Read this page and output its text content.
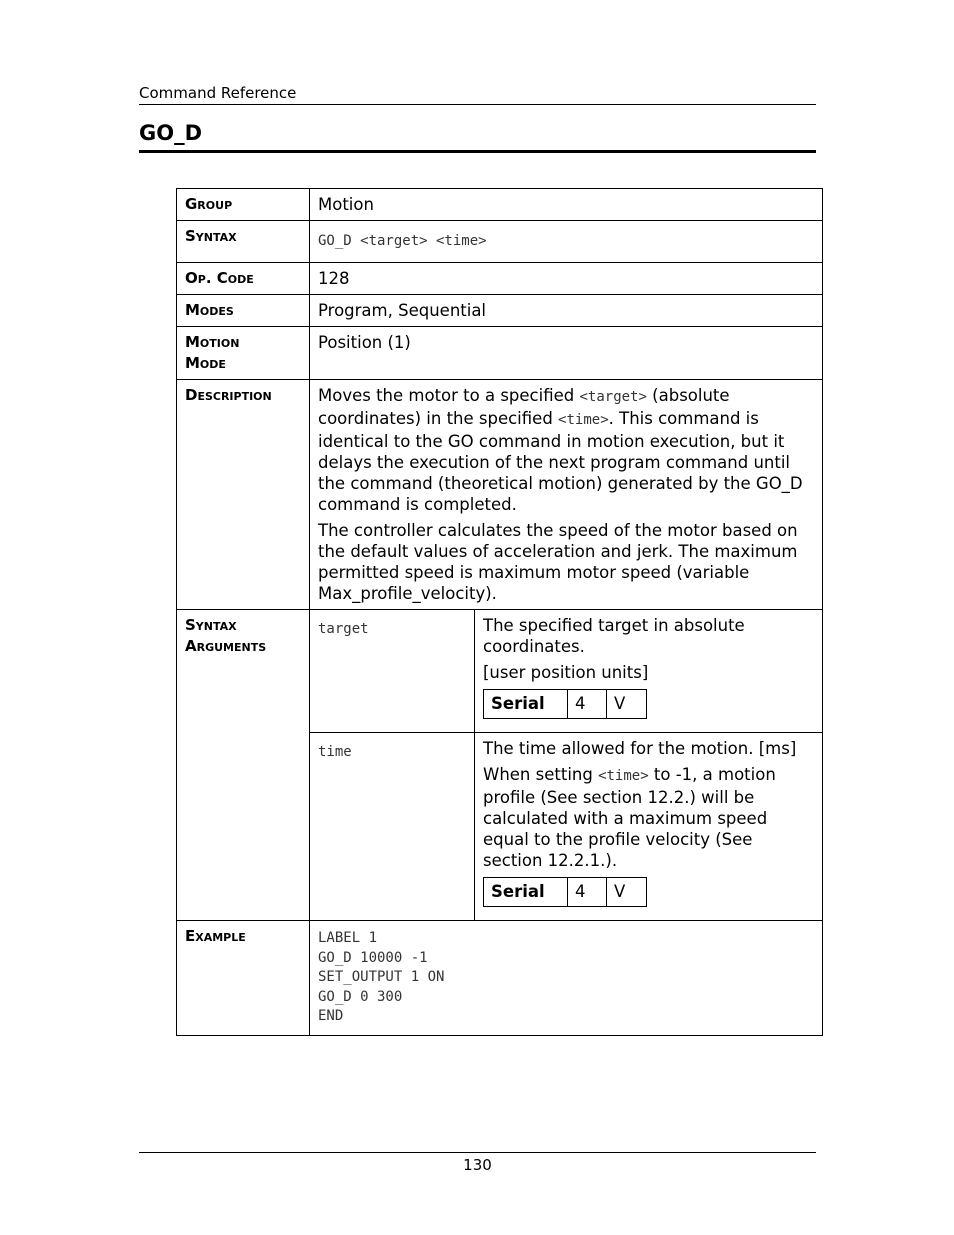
Command Reference
GO_D
Group	Motion
Syntax	GO_D <target> <time>
Op. Code	128
Modes	Program, Sequential

Motion
Mode
	Position (1)
Description	Moves the motor to a specified <target> (absolute coordinates) in the specified <time>. This command is identical to the GO command in motion execution, but it delays the execution of the next program command until the command (theoretical motion) generated by the GO_D command is completed.

The controller calculates the speed of the motor based on the default values of acceleration and jerk. The maximum permitted speed is maximum motor speed (variable Max_profile_velocity).

Syntax
Arguments

target	The specified target in absolute coordinates.

[user position units]

Serial	4	V

time	The time allowed for the motion. [ms]

When setting <time> to -1, a motion profile (See section 12.2.) will be calculated with a maximum speed equal to the profile velocity (See section 12.2.1.).

Serial	4	V

Example	LABEL 1
GO_D 10000 -1
SET_OUTPUT 1 ON
GO_D 0 300
END
130
